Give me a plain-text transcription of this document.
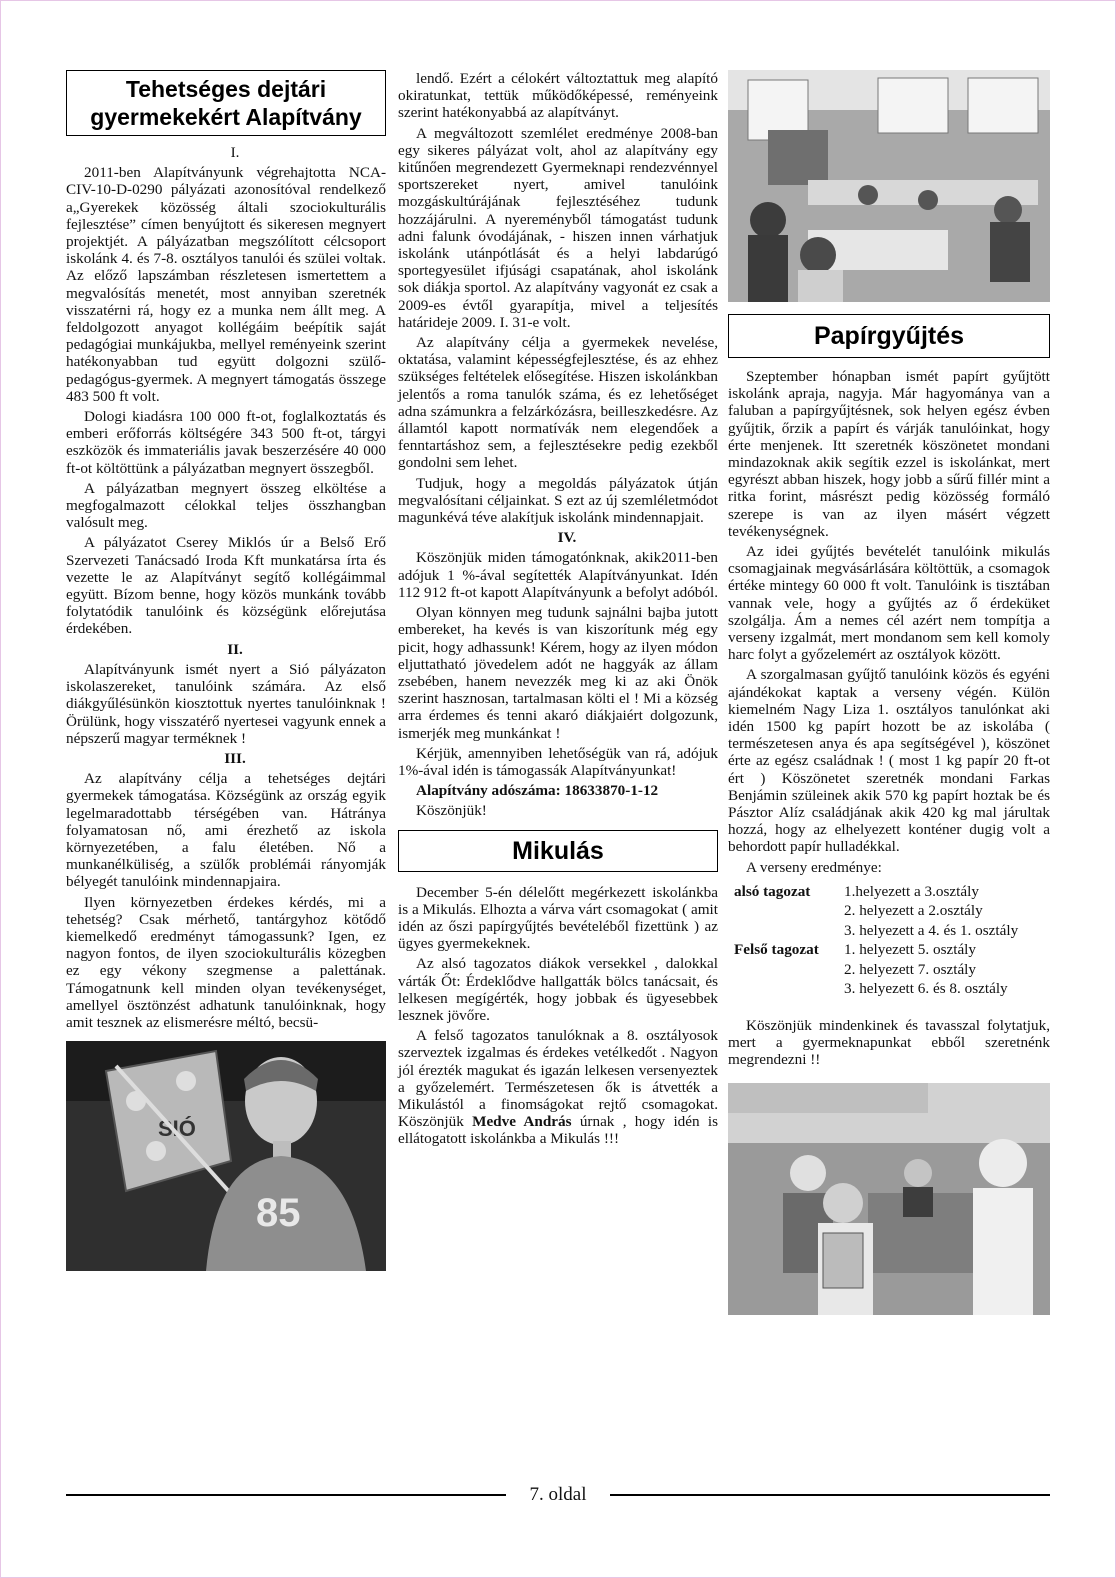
Tehetséges dejtári gyermekekért Alapítvány

I.

2011-ben Alapítványunk végrehajtotta NCA-CIV-10-D-0290 pályázati azonosítóval rendelkező a„Gyerekek közösség általi szociokulturális fejlesztése” címen benyújtott és sikeresen megnyert projektjét. A pályázatban megszólított célcsoport iskolánk 4. és 7-8. osztályos tanulói és szülei voltak. Az előző lapszámban részletesen ismertettem a megvalósítás menetét, most annyiban szeretnék visszatérni rá, hogy ez a munka nem állt meg. A feldolgozott anyagot kollégáim beépítik saját pedagógiai munkájukba, mellyel reményeink szerint hatékonyabban tud együtt dolgozni szülő-pedagógus-gyermek. A megnyert támogatás összege 483 500 ft volt.

Dologi kiadásra 100 000 ft-ot, foglalkoztatás és emberi erőforrás költségére 343 500 ft-ot, tárgyi eszközök és immateriális javak beszerzésére 40 000 ft-ot költöttünk a pályázatban megnyert összegből.

A pályázatban megnyert összeg elköltése a megfogalmazott célokkal teljes összhangban valósult meg.

A pályázatot Cserey Miklós úr a Belső Erő Szervezeti Tanácsadó Iroda Kft munkatársa írta és vezette le az Alapítványt segítő kollégáimmal együtt. Bízom benne, hogy közös munkánk tovább folytatódik tanulóink és községünk előrejutása érdekében.

II.

Alapítványunk ismét nyert a Sió pályázaton iskolaszereket, tanulóink számára. Az első diákgyűlésünkön kiosztottuk nyertes tanulóinknak ! Örülünk, hogy visszatérő nyertesei vagyunk ennek a népszerű magyar terméknek !

III.

Az alapítvány célja a tehetséges dejtári gyermekek támogatása. Községünk az ország egyik legelmaradottabb térségében van. Hátránya folyamatosan nő, ami érezhető az iskola környezetében, a falu életében. Nő a munkanélküliség, a szülők problémái rányomják bélyegét tanulóink mindennapjaira.

Ilyen környezetben érdekes kérdés, mi a tehetség? Csak mérhető, tantárgyhoz kötődő kiemelkedő eredményt támogassunk? Igen, ez nagyon fontos, de ilyen szociokulturális közegben ez egy vékony szegmense a palettának. Támogatnunk kell minden olyan tevékenységet, amellyel ösztönzést adhatunk tanulóinknak, hogy amit tesznek az elismerésre méltó, becsü-

SIÓ
85

lendő. Ezért a célokért változtattuk meg alapító okiratunkat, tettük működőképessé, reményeink szerint hatékonyabbá az alapítványt.

A megváltozott szemlélet eredménye 2008-ban egy sikeres pályázat volt, ahol az alapítvány egy kitűnően megrendezett Gyermeknapi rendezvénnyel sportszereket nyert, amivel tanulóink mozgáskultúrájának fejlesztéséhez tudunk hozzájárulni. A nyereményből támogatást tudunk adni falunk óvodájának, - hiszen innen várhatjuk iskolánk utánpótlását és a helyi labdarúgó sportegyesület ifjúsági csapatának, ahol iskolánk sok diákja sportol. Az alapítvány vagyonát ez csak a 2009-es évtől gyarapítja, mivel a teljesítés határideje 2009. I. 31-e volt.

Az alapítvány célja a gyermekek nevelése, oktatása, valamint képességfejlesztése, és az ehhez szükséges feltételek elősegítése. Hiszen iskolánkban jelentős a roma tanulók száma, és ez lehetőséget adna számunkra a felzárkózásra, beilleszkedésre. Az államtól kapott normatívák nem elegendőek a fenntartáshoz sem, a fejlesztésekre pedig ezekből gondolni sem lehet.

Tudjuk, hogy a megoldás pályázatok útján megvalósítani céljainkat. S ezt az új szemléletmódot magunkévá téve alakítjuk iskolánk mindennapjait.

IV.

Köszönjük miden támogatónknak, akik2011-ben adójuk 1 %-ával segítették Alapítványunkat. Idén 112 912 ft-ot kapott Alapítványunk a befolyt adóból.

Olyan könnyen meg tudunk sajnálni bajba jutott embereket, ha kevés is van kiszorítunk még egy picit, hogy adhassunk! Kérem, hogy az ilyen módon eljuttatható jövedelem adót ne haggyák az állam zsebében, hanem nevezzék meg ki az aki Önök szerint hasznosan, tartalmasan költi el ! Mi a község arra érdemes és tenni akaró diákjaiért dolgozunk, ismerjék meg munkánkat !

Kérjük, amennyiben lehetőségük van rá, adójuk 1%-ával idén is támogassák Alapítványunkat!

Alapítvány adószáma: 18633870-1-12

Köszönjük!

Mikulás

December 5-én délelőtt megérkezett iskolánkba is a Mikulás. Elhozta a várva várt csomagokat ( amit idén az őszi papírgyűjtés bevételéből fizettünk ) az ügyes gyermekeknek.

Az alsó tagozatos diákok versekkel , dalokkal várták Őt: Érdeklődve hallgatták bölcs tanácsait, és lelkesen megígérték, hogy jobbak és ügyesebbek lesznek jövőre.

A felső tagozatos tanulóknak a 8. osztályosok szerveztek izgalmas és érdekes vetélkedőt . Nagyon jól érezték magukat és igazán lelkesen versenyeztek a győzelemért. Természetesen ők is átvették a Mikulástól a finomságokat rejtő csomagokat. Köszönjük Medve András úrnak , hogy idén is ellátogatott iskolánkba a Mikulás !!!

Papírgyűjtés

Szeptember hónapban ismét papírt gyűjtött iskolánk apraja, nagyja. Már hagyománya van a faluban a papírgyűjtésnek, sok helyen egész évben gyűjtik, őrzik a papírt és várják tanulóinkat, hogy érte menjenek. Itt szeretnék köszönetet mondani mindazoknak akik segítik ezzel is iskolánkat, mert egyrészt abban hiszek, hogy jobb a sűrű fillér mint a ritka forint, másrészt pedig közösség formáló szerepe is van az ilyen másért végzett tevékenységnek.

Az idei gyűjtés bevételét tanulóink mikulás csomagjainak megvásárlására költöttük, a csomagok értéke mintegy 60 000 ft volt. Tanulóink is tisztában vannak vele, hogy a gyűjtés az ő érdeküket szolgálja. Ám a nemes cél azért nem tompítja a verseny izgalmát, mert mondanom sem kell komoly harc folyt a győzelemért az osztályok között.

A szorgalmasan gyűjtő tanulóink közös és egyéni ajándékokat kaptak a verseny végén. Külön kiemelném Nagy Liza 1. osztályos tanulónkat aki idén 1500 kg papírt hozott be az iskolába ( természetesen anya és apa segítségével ), köszönet érte az egész családnak ! ( most 1 kg papír 20 ft-ot ért ) Köszönetet szeretnék mondani Farkas Benjámin szüleinek akik 570 kg papírt hoztak be és Pásztor Alíz családjának akik 420 kg mal járultak hozzá, hogy az elhelyezett konténer dugig volt a behordott papír hulladékkal.

A verseny eredménye:

alsó tagozat	1.helyezett a 3.osztály
2. helyezett a 2.osztály
3. helyezett a 4. és 1. osztály
Felső tagozat	1. helyezett 5. osztály
2. helyezett 7. osztály
3. helyezett 6. és 8. osztály

Köszönjük mindenkinek és tavasszal folytatjuk, mert a gyermeknapunkat ebből szeretnénk megrendezni !!

7. oldal
